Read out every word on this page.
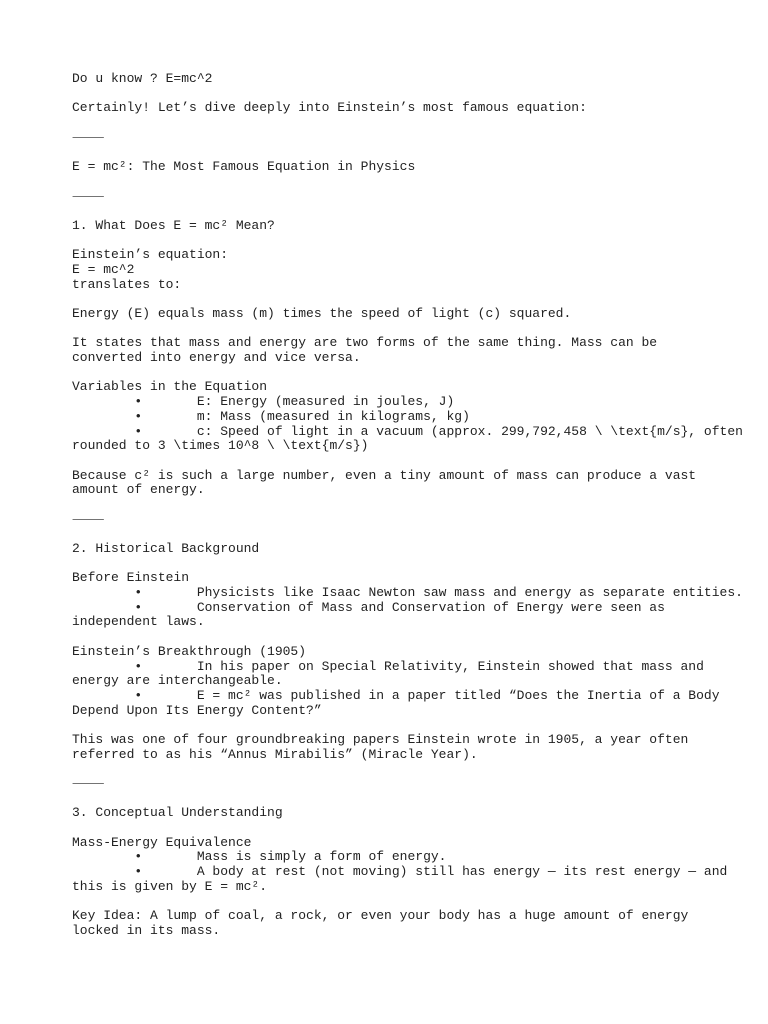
Do u know ? E=mc^2
Certainly! Let’s dive deeply into Einstein’s most famous equation:
⸻
E = mc²: The Most Famous Equation in Physics
⸻
1. What Does E = mc² Mean?
Einstein’s equation:
E = mc^2
translates to:
Energy (E) equals mass (m) times the speed of light (c) squared.
It states that mass and energy are two forms of the same thing. Mass can be
converted into energy and vice versa.
Variables in the Equation
	•	E: Energy (measured in joules, J)
	•	m: Mass (measured in kilograms, kg)
	•	c: Speed of light in a vacuum (approx. 299,792,458 \ \text{m/s}, often
rounded to 3 \times 10^8 \ \text{m/s})
Because c² is such a large number, even a tiny amount of mass can produce a vast
amount of energy.
⸻
2. Historical Background
Before Einstein
	•	Physicists like Isaac Newton saw mass and energy as separate entities.
	•	Conservation of Mass and Conservation of Energy were seen as
independent laws.
Einstein’s Breakthrough (1905)
	•	In his paper on Special Relativity, Einstein showed that mass and
energy are interchangeable.
	•	E = mc² was published in a paper titled “Does the Inertia of a Body
Depend Upon Its Energy Content?”
This was one of four groundbreaking papers Einstein wrote in 1905, a year often
referred to as his “Annus Mirabilis” (Miracle Year).
⸻
3. Conceptual Understanding
Mass-Energy Equivalence
	•	Mass is simply a form of energy.
	•	A body at rest (not moving) still has energy — its rest energy — and
this is given by E = mc².
Key Idea: A lump of coal, a rock, or even your body has a huge amount of energy
locked in its mass.
